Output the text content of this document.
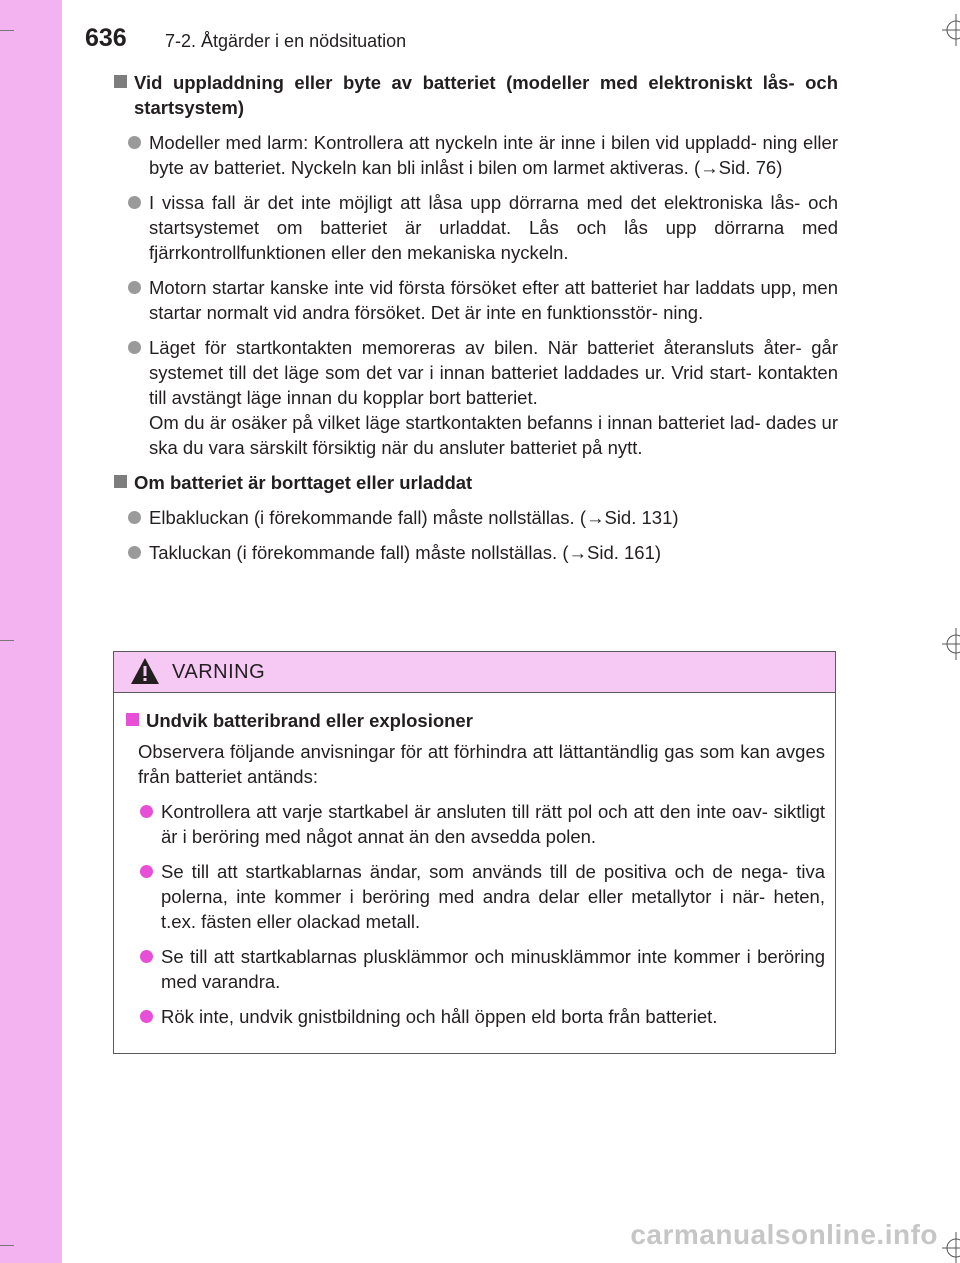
636 7-2. Åtgärder i en nödsituation
Vid uppladdning eller byte av batteriet (modeller med elektroniskt lås- och startsystem)

Modeller med larm: Kontrollera att nyckeln inte är inne i bilen vid uppladd- ning eller byte av batteriet. Nyckeln kan bli inlåst i bilen om larmet aktiveras. (→Sid. 76)

I vissa fall är det inte möjligt att låsa upp dörrarna med det elektroniska lås- och startsystemet om batteriet är urladdat. Lås och lås upp dörrarna med fjärrkontrollfunktionen eller den mekaniska nyckeln.

Motorn startar kanske inte vid första försöket efter att batteriet har laddats upp, men startar normalt vid andra försöket. Det är inte en funktionsstör- ning.

Läget för startkontakten memoreras av bilen. När batteriet återansluts åter- går systemet till det läge som det var i innan batteriet laddades ur. Vrid start- kontakten till avstängt läge innan du kopplar bort batteriet.

Om du är osäker på vilket läge startkontakten befanns i innan batteriet lad- dades ur ska du vara särskilt försiktig när du ansluter batteriet på nytt.

Om batteriet är borttaget eller urladdat

Elbakluckan (i förekommande fall) måste nollställas. (→Sid. 131)

Takluckan (i förekommande fall) måste nollställas. (→Sid. 161)

VARNING
Undvik batteribrand eller explosioner
Observera följande anvisningar för att förhindra att lättantändlig gas som kan avges från batteriet antänds:

Kontrollera att varje startkabel är ansluten till rätt pol och att den inte oav- siktligt är i beröring med något annat än den avsedda polen.

Se till att startkablarnas ändar, som används till de positiva och de nega- tiva polerna, inte kommer i beröring med andra delar eller metallytor i när- heten, t.ex. fästen eller olackad metall.

Se till att startkablarnas plusklämmor och minusklämmor inte kommer i beröring med varandra.

Rök inte, undvik gnistbildning och håll öppen eld borta från batteriet.

carmanualsonline.info
